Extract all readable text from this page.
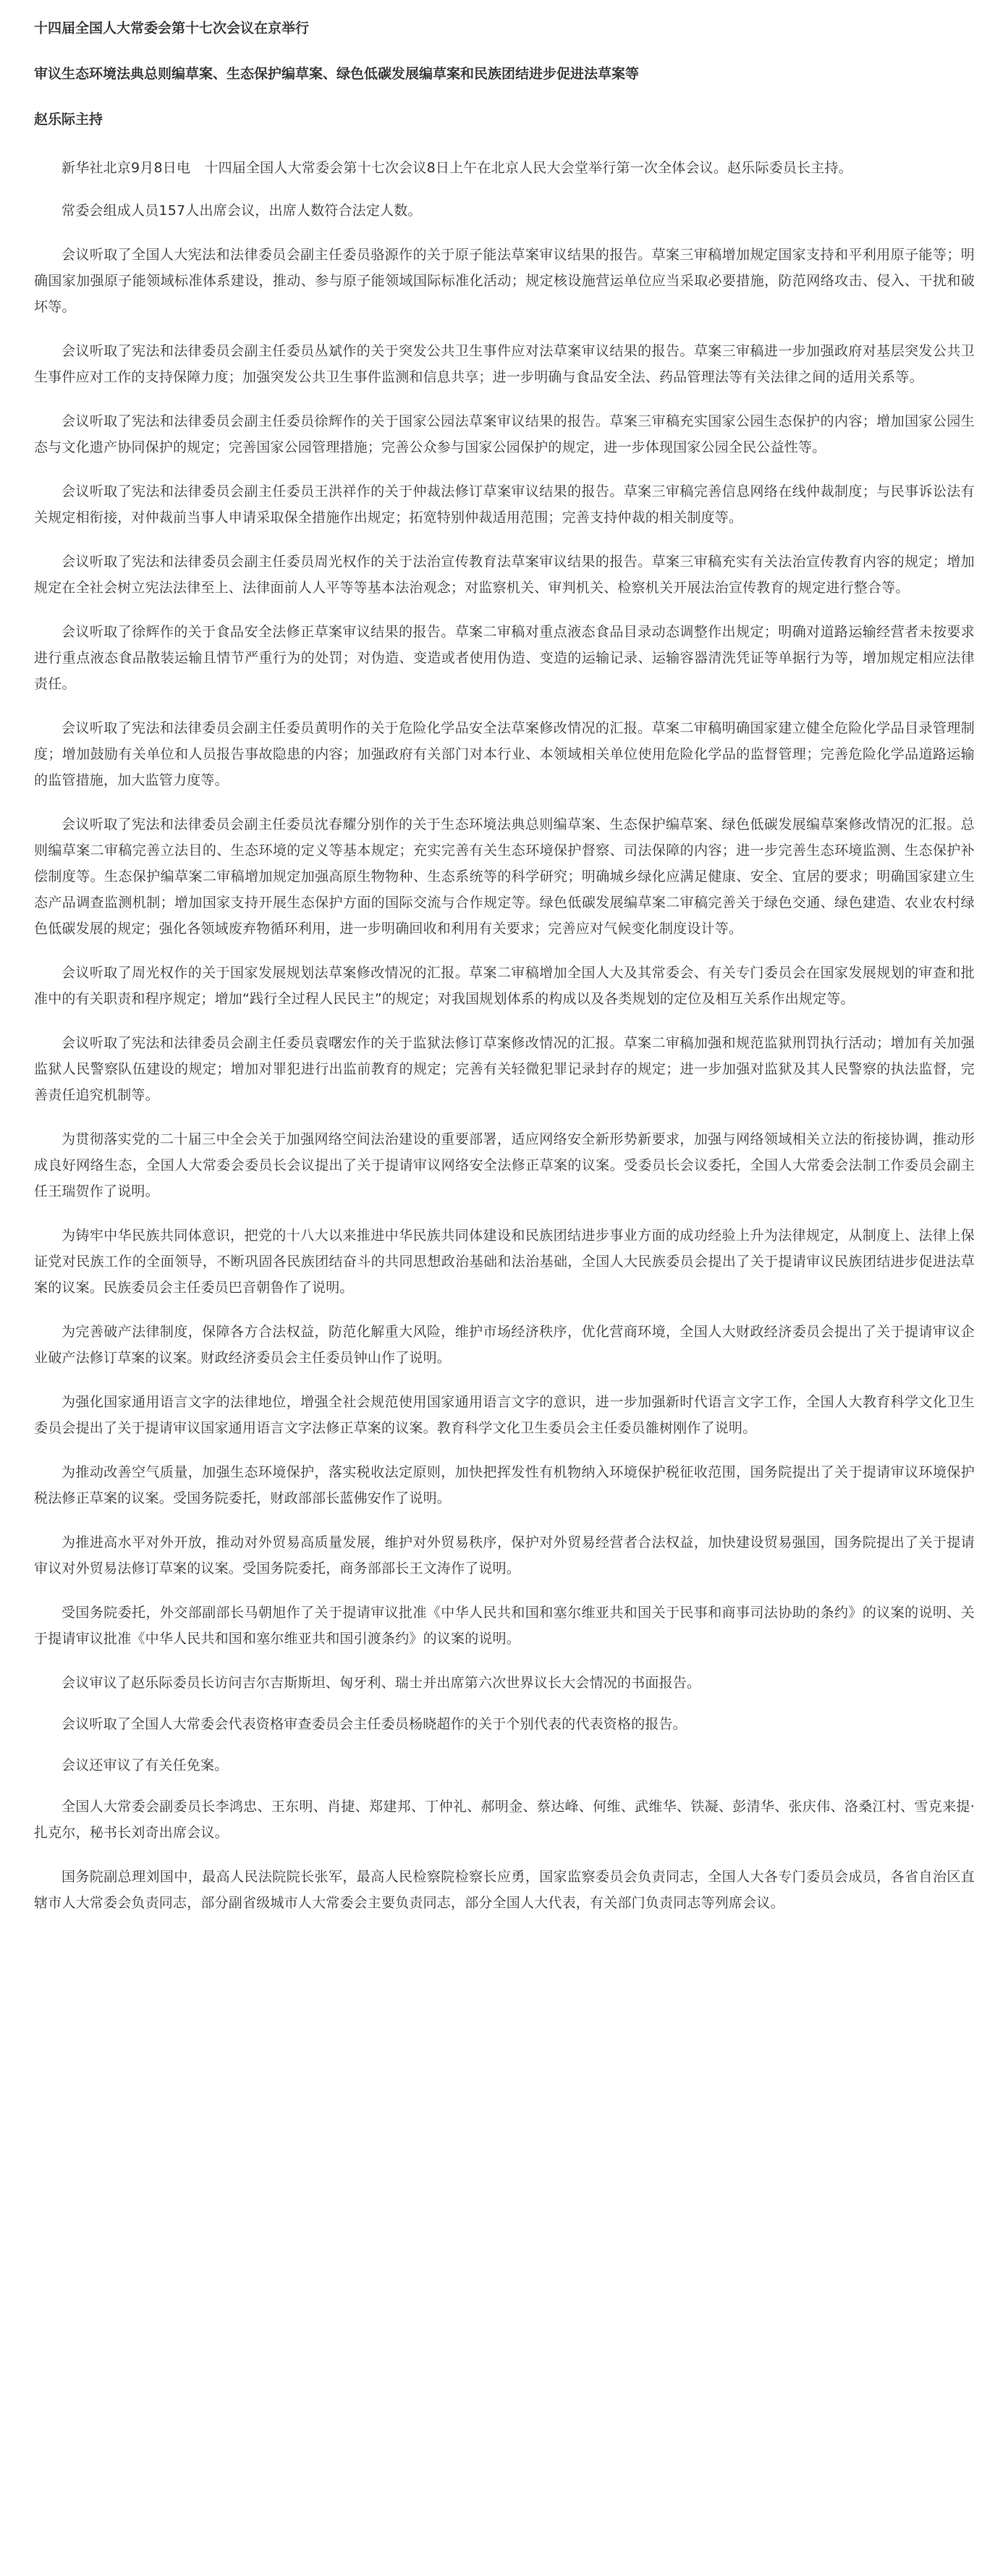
十四届全国人大常委会第十七次会议在京举行

审议生态环境法典总则编草案、生态保护编草案、绿色低碳发展编草案和民族团结进步促进法草案等

赵乐际主持

新华社北京9月8日电　十四届全国人大常委会第十七次会议8日上午在北京人民大会堂举行第一次全体会议。赵乐际委员长主持。

常委会组成人员157人出席会议，出席人数符合法定人数。

会议听取了全国人大宪法和法律委员会副主任委员骆源作的关于原子能法草案审议结果的报告。草案三审稿增加规定国家支持和平利用原子能等；明确国家加强原子能领域标准体系建设，推动、参与原子能领域国际标准化活动；规定核设施营运单位应当采取必要措施，防范网络攻击、侵入、干扰和破坏等。

会议听取了宪法和法律委员会副主任委员丛斌作的关于突发公共卫生事件应对法草案审议结果的报告。草案三审稿进一步加强政府对基层突发公共卫生事件应对工作的支持保障力度；加强突发公共卫生事件监测和信息共享；进一步明确与食品安全法、药品管理法等有关法律之间的适用关系等。

会议听取了宪法和法律委员会副主任委员徐辉作的关于国家公园法草案审议结果的报告。草案三审稿充实国家公园生态保护的内容；增加国家公园生态与文化遗产协同保护的规定；完善国家公园管理措施；完善公众参与国家公园保护的规定，进一步体现国家公园全民公益性等。

会议听取了宪法和法律委员会副主任委员王洪祥作的关于仲裁法修订草案审议结果的报告。草案三审稿完善信息网络在线仲裁制度；与民事诉讼法有关规定相衔接，对仲裁前当事人申请采取保全措施作出规定；拓宽特别仲裁适用范围；完善支持仲裁的相关制度等。

会议听取了宪法和法律委员会副主任委员周光权作的关于法治宣传教育法草案审议结果的报告。草案三审稿充实有关法治宣传教育内容的规定；增加规定在全社会树立宪法法律至上、法律面前人人平等等基本法治观念；对监察机关、审判机关、检察机关开展法治宣传教育的规定进行整合等。

会议听取了徐辉作的关于食品安全法修正草案审议结果的报告。草案二审稿对重点液态食品目录动态调整作出规定；明确对道路运输经营者未按要求进行重点液态食品散装运输且情节严重行为的处罚；对伪造、变造或者使用伪造、变造的运输记录、运输容器清洗凭证等单据行为等，增加规定相应法律责任。

会议听取了宪法和法律委员会副主任委员黄明作的关于危险化学品安全法草案修改情况的汇报。草案二审稿明确国家建立健全危险化学品目录管理制度；增加鼓励有关单位和人员报告事故隐患的内容；加强政府有关部门对本行业、本领域相关单位使用危险化学品的监督管理；完善危险化学品道路运输的监管措施，加大监管力度等。

会议听取了宪法和法律委员会副主任委员沈春耀分别作的关于生态环境法典总则编草案、生态保护编草案、绿色低碳发展编草案修改情况的汇报。总则编草案二审稿完善立法目的、生态环境的定义等基本规定；充实完善有关生态环境保护督察、司法保障的内容；进一步完善生态环境监测、生态保护补偿制度等。生态保护编草案二审稿增加规定加强高原生物物种、生态系统等的科学研究；明确城乡绿化应满足健康、安全、宜居的要求；明确国家建立生态产品调查监测机制；增加国家支持开展生态保护方面的国际交流与合作规定等。绿色低碳发展编草案二审稿完善关于绿色交通、绿色建造、农业农村绿色低碳发展的规定；强化各领域废弃物循环利用，进一步明确回收和利用有关要求；完善应对气候变化制度设计等。

会议听取了周光权作的关于国家发展规划法草案修改情况的汇报。草案二审稿增加全国人大及其常委会、有关专门委员会在国家发展规划的审查和批准中的有关职责和程序规定；增加“践行全过程人民民主”的规定；对我国规划体系的构成以及各类规划的定位及相互关系作出规定等。

会议听取了宪法和法律委员会副主任委员袁曙宏作的关于监狱法修订草案修改情况的汇报。草案二审稿加强和规范监狱刑罚执行活动；增加有关加强监狱人民警察队伍建设的规定；增加对罪犯进行出监前教育的规定；完善有关轻微犯罪记录封存的规定；进一步加强对监狱及其人民警察的执法监督，完善责任追究机制等。

为贯彻落实党的二十届三中全会关于加强网络空间法治建设的重要部署，适应网络安全新形势新要求，加强与网络领域相关立法的衔接协调，推动形成良好网络生态，全国人大常委会委员长会议提出了关于提请审议网络安全法修正草案的议案。受委员长会议委托，全国人大常委会法制工作委员会副主任王瑞贺作了说明。

为铸牢中华民族共同体意识，把党的十八大以来推进中华民族共同体建设和民族团结进步事业方面的成功经验上升为法律规定，从制度上、法律上保证党对民族工作的全面领导，不断巩固各民族团结奋斗的共同思想政治基础和法治基础，全国人大民族委员会提出了关于提请审议民族团结进步促进法草案的议案。民族委员会主任委员巴音朝鲁作了说明。

为完善破产法律制度，保障各方合法权益，防范化解重大风险，维护市场经济秩序，优化营商环境，全国人大财政经济委员会提出了关于提请审议企业破产法修订草案的议案。财政经济委员会主任委员钟山作了说明。

为强化国家通用语言文字的法律地位，增强全社会规范使用国家通用语言文字的意识，进一步加强新时代语言文字工作，全国人大教育科学文化卫生委员会提出了关于提请审议国家通用语言文字法修正草案的议案。教育科学文化卫生委员会主任委员雒树刚作了说明。

为推动改善空气质量，加强生态环境保护，落实税收法定原则，加快把挥发性有机物纳入环境保护税征收范围，国务院提出了关于提请审议环境保护税法修正草案的议案。受国务院委托，财政部部长蓝佛安作了说明。

为推进高水平对外开放，推动对外贸易高质量发展，维护对外贸易秩序，保护对外贸易经营者合法权益，加快建设贸易强国，国务院提出了关于提请审议对外贸易法修订草案的议案。受国务院委托，商务部部长王文涛作了说明。

受国务院委托，外交部副部长马朝旭作了关于提请审议批准《中华人民共和国和塞尔维亚共和国关于民事和商事司法协助的条约》的议案的说明、关于提请审议批准《中华人民共和国和塞尔维亚共和国引渡条约》的议案的说明。

会议审议了赵乐际委员长访问吉尔吉斯斯坦、匈牙利、瑞士并出席第六次世界议长大会情况的书面报告。

会议听取了全国人大常委会代表资格审查委员会主任委员杨晓超作的关于个别代表的代表资格的报告。

会议还审议了有关任免案。

全国人大常委会副委员长李鸿忠、王东明、肖捷、郑建邦、丁仲礼、郝明金、蔡达峰、何维、武维华、铁凝、彭清华、张庆伟、洛桑江村、雪克来提·扎克尔，秘书长刘奇出席会议。

国务院副总理刘国中，最高人民法院院长张军，最高人民检察院检察长应勇，国家监察委员会负责同志，全国人大各专门委员会成员，各省自治区直辖市人大常委会负责同志，部分副省级城市人大常委会主要负责同志，部分全国人大代表，有关部门负责同志等列席会议。
